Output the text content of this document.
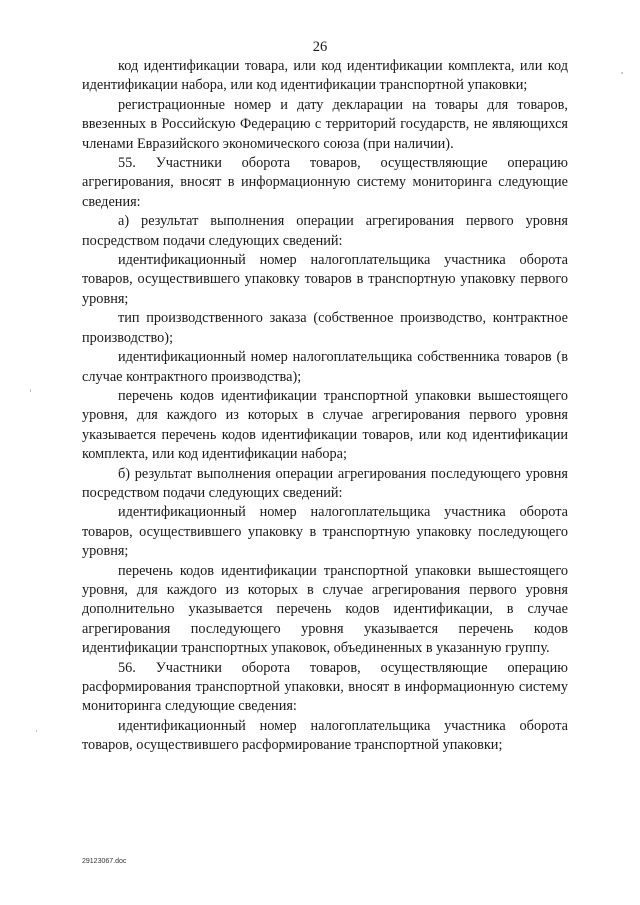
26

код идентификации товара, или код идентификации комплекта, или код идентификации набора, или код идентификации транспортной упаковки;

регистрационные номер и дату декларации на товары для товаров, ввезенных в Российскую Федерацию с территорий государств, не являющихся членами Евразийского экономического союза (при наличии).

55. Участники оборота товаров, осуществляющие операцию агрегирования, вносят в информационную систему мониторинга следующие сведения:

а) результат выполнения операции агрегирования первого уровня посредством подачи следующих сведений:

идентификационный номер налогоплательщика участника оборота товаров, осуществившего упаковку товаров в транспортную упаковку первого уровня;

тип производственного заказа (собственное производство, контрактное производство);

идентификационный номер налогоплательщика собственника товаров (в случае контрактного производства);

перечень кодов идентификации транспортной упаковки вышестоящего уровня, для каждого из которых в случае агрегирования первого уровня указывается перечень кодов идентификации товаров, или код идентификации комплекта, или код идентификации набора;

б) результат выполнения операции агрегирования последующего уровня посредством подачи следующих сведений:

идентификационный номер налогоплательщика участника оборота товаров, осуществившего упаковку в транспортную упаковку последующего уровня;

перечень кодов идентификации транспортной упаковки вышестоящего уровня, для каждого из которых в случае агрегирования первого уровня дополнительно указывается перечень кодов идентификации, в случае агрегирования последующего уровня указывается перечень кодов идентификации транспортных упаковок, объединенных в указанную группу.

56. Участники оборота товаров, осуществляющие операцию расформирования транспортной упаковки, вносят в информационную систему мониторинга следующие сведения:

идентификационный номер налогоплательщика участника оборота товаров, осуществившего расформирование транспортной упаковки;

29123067.doc
